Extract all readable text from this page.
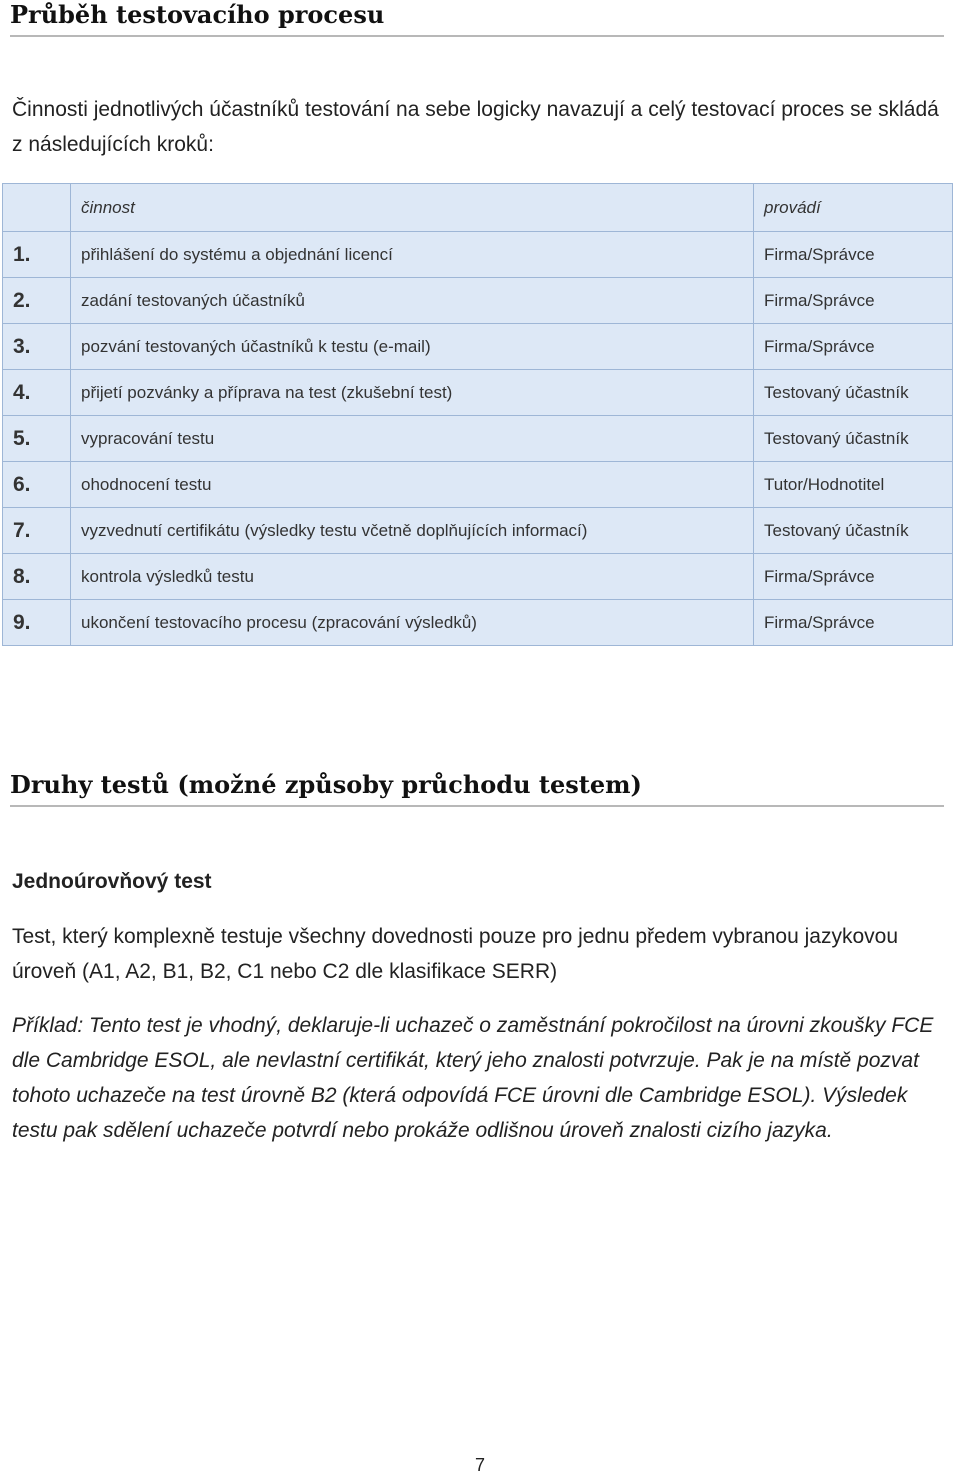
Průběh testovacího procesu

Činnosti jednotlivých účastníků testování na sebe logicky navazují a celý testovací proces se skládá z následujících kroků:

	činnost	provádí
1.	přihlášení do systému a objednání licencí	Firma/Správce
2.	zadání testovaných účastníků	Firma/Správce
3.	pozvání testovaných účastníků k testu (e-mail)	Firma/Správce
4.	přijetí pozvánky a příprava na test (zkušební test)	Testovaný účastník
5.	vypracování testu	Testovaný účastník
6.	ohodnocení testu	Tutor/Hodnotitel
7.	vyzvednutí certifikátu (výsledky testu včetně doplňujících informací)	Testovaný účastník
8.	kontrola výsledků testu	Firma/Správce
9.	ukončení testovacího procesu (zpracování výsledků)	Firma/Správce
Druhy testů (možné způsoby průchodu testem)

Jednoúrovňový test

Test, který komplexně testuje všechny dovednosti pouze pro jednu předem vybranou jazykovou úroveň (A1, A2, B1, B2, C1 nebo C2 dle klasifikace SERR)

Příklad: Tento test je vhodný, deklaruje-li uchazeč o zaměstnání pokročilost na úrovni zkoušky FCE dle Cambridge ESOL, ale nevlastní certifikát, který jeho znalosti potvrzuje. Pak je na místě pozvat tohoto uchazeče na test úrovně B2 (která odpovídá FCE úrovni dle Cambridge ESOL). Výsledek testu pak sdělení uchazeče potvrdí nebo prokáže odlišnou úroveň znalosti cizího jazyka.

7
